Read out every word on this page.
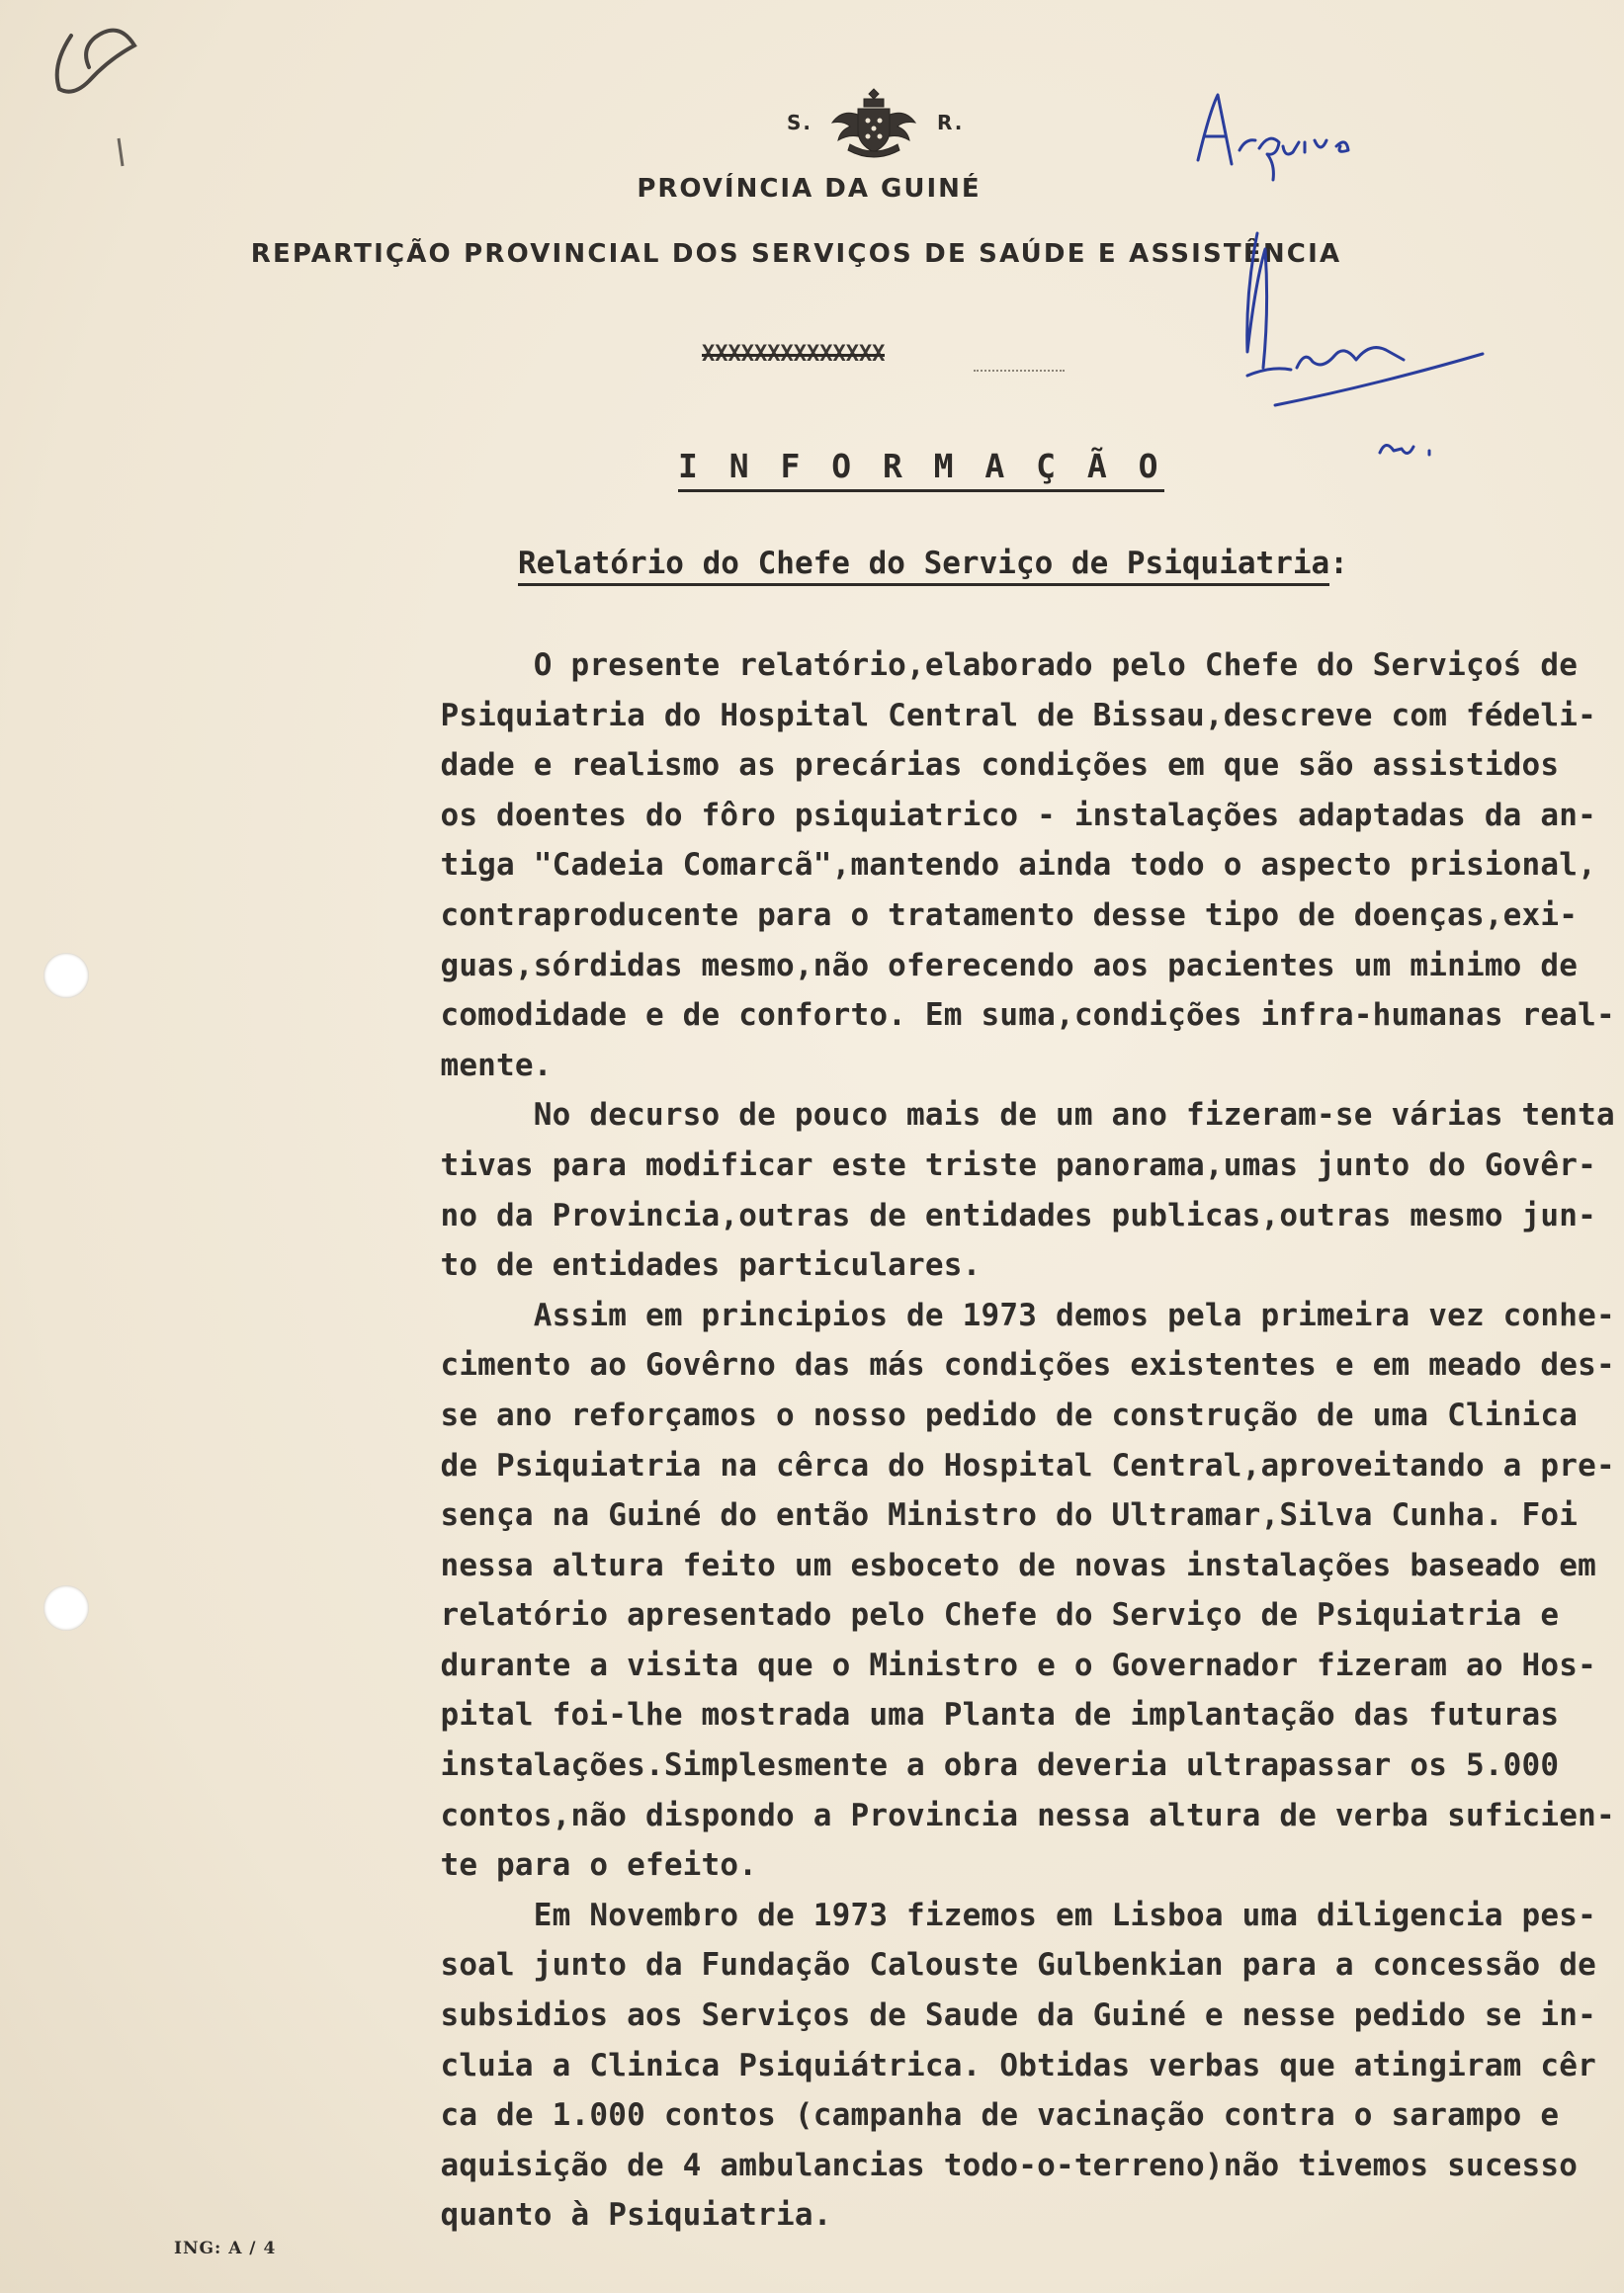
S.	R.
PROVÍNCIA DA GUINÉ
REPARTIÇÃO PROVINCIAL DOS SERVIÇOS DE SAÚDE E ASSISTÊNCIA
XXXXXXXXXXXXXX
I N F O R M A Ç Ã O
Relatório do Chefe do Serviço de Psiquiatria:
O presente relatório,elaborado pelo Chefe do Serviçoś de
Psiquiatria do Hospital Central de Bissau,descreve com fédeli-
dade e realismo as precárias condições em que são assistidos
os doentes do fôro psiquiatrico - instalações adaptadas da an-
tiga "Cadeia Comarcã",mantendo ainda todo o aspecto prisional,
contraproducente para o tratamento desse tipo de doenças,exi-
guas,sórdidas mesmo,não oferecendo aos pacientes um minimo de
comodidade e de conforto. Em suma,condições infra-humanas real-
mente.
No decurso de pouco mais de um ano fizeram-se várias tenta
tivas para modificar este triste panorama,umas junto do Govêr-
no da Provincia,outras de entidades publicas,outras mesmo jun-
to de entidades particulares.
Assim em principios de 1973 demos pela primeira vez conhe-
cimento ao Govêrno das más condições existentes e em meado des-
se ano reforçamos o nosso pedido de construção de uma Clinica
de Psiquiatria na cêrca do Hospital Central,aproveitando a pre-
sença na Guiné do então Ministro do Ultramar,Silva Cunha. Foi
nessa altura feito um esboceto de novas instalações baseado em
relatório apresentado pelo Chefe do Serviço de Psiquiatria e
durante a visita que o Ministro e o Governador fizeram ao Hos-
pital foi-lhe mostrada uma Planta de implantação das futuras
instalações.Simplesmente a obra deveria ultrapassar os 5.000
contos,não dispondo a Provincia nessa altura de verba suficien-
te para o efeito.
Em Novembro de 1973 fizemos em Lisboa uma diligencia pes-
soal junto da Fundação Calouste Gulbenkian para a concessão de
subsidios aos Serviços de Saude da Guiné e nesse pedido se in-
cluia a Clinica Psiquiátrica. Obtidas verbas que atingiram cêr
ca de 1.000 contos (campanha de vacinação contra o sarampo e
aquisição de 4 ambulancias todo-o-terreno)não tivemos sucesso
quanto à Psiquiatria.
ING: A / 4
